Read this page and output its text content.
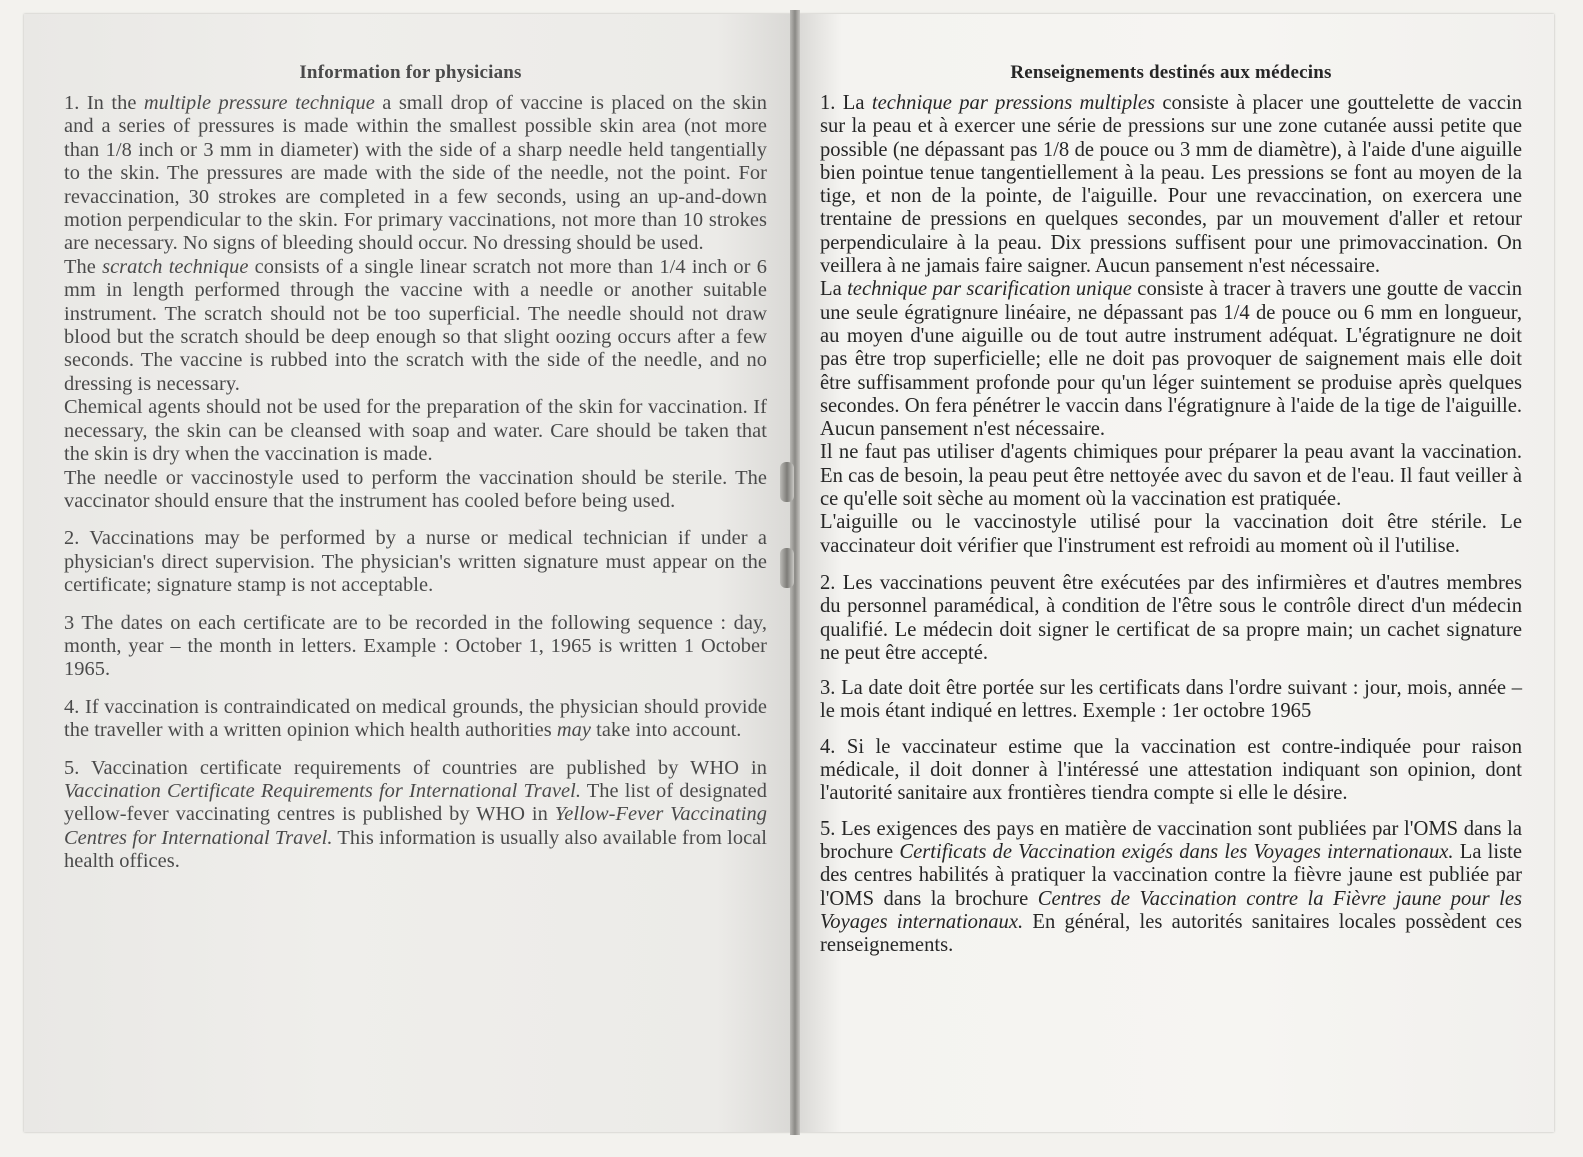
Information for physicians

1. In the multiple pressure technique a small drop of vaccine is placed on the skin and a series of pressures is made within the smallest possible skin area (not more than 1/8 inch or 3 mm in diameter) with the side of a sharp needle held tangentially to the skin. The pressures are made with the side of the needle, not the point. For revaccination, 30 strokes are completed in a few seconds, using an up-and-down motion perpendicular to the skin. For primary vaccinations, not more than 10 strokes are necessary. No signs of bleeding should occur. No dressing should be used.

The scratch technique consists of a single linear scratch not more than 1/4 inch or 6 mm in length performed through the vaccine with a needle or another suitable instrument. The scratch should not be too superficial. The needle should not draw blood but the scratch should be deep enough so that slight oozing occurs after a few seconds. The vaccine is rubbed into the scratch with the side of the needle, and no dressing is necessary.

Chemical agents should not be used for the preparation of the skin for vaccination. If necessary, the skin can be cleansed with soap and water. Care should be taken that the skin is dry when the vaccination is made.

The needle or vaccinostyle used to perform the vaccination should be sterile. The vaccinator should ensure that the instrument has cooled before being used.

2. Vaccinations may be performed by a nurse or medical technician if under a physician's direct supervision. The physician's written signature must appear on the certificate; signature stamp is not acceptable.

3 The dates on each certificate are to be recorded in the following sequence : day, month, year – the month in letters. Example : October 1, 1965 is written 1 October 1965.

4. If vaccination is contraindicated on medical grounds, the physician should provide the traveller with a written opinion which health authorities may take into account.

5. Vaccination certificate requirements of countries are published by WHO in Vaccination Certificate Requirements for International Travel. The list of designated yellow-fever vaccinating centres is published by WHO in Yellow-Fever Vaccinating Centres for International Travel. This information is usually also available from local health offices.

Renseignements destinés aux médecins

1. La technique par pressions multiples consiste à placer une gouttelette de vaccin sur la peau et à exercer une série de pressions sur une zone cutanée aussi petite que possible (ne dépassant pas 1/8 de pouce ou 3 mm de diamètre), à l'aide d'une aiguille bien pointue tenue tangentiellement à la peau. Les pressions se font au moyen de la tige, et non de la pointe, de l'aiguille. Pour une revaccination, on exercera une trentaine de pressions en quelques secondes, par un mouvement d'aller et retour perpendiculaire à la peau. Dix pressions suffisent pour une primovaccination. On veillera à ne jamais faire saigner. Aucun pansement n'est nécessaire.

La technique par scarification unique consiste à tracer à travers une goutte de vaccin une seule égratignure linéaire, ne dépassant pas 1/4 de pouce ou 6 mm en longueur, au moyen d'une aiguille ou de tout autre instrument adéquat. L'égratignure ne doit pas être trop superficielle; elle ne doit pas provoquer de saignement mais elle doit être suffisamment profonde pour qu'un léger suintement se produise après quelques secondes. On fera pénétrer le vaccin dans l'égratignure à l'aide de la tige de l'aiguille. Aucun pansement n'est nécessaire.

Il ne faut pas utiliser d'agents chimiques pour préparer la peau avant la vaccination. En cas de besoin, la peau peut être nettoyée avec du savon et de l'eau. Il faut veiller à ce qu'elle soit sèche au moment où la vaccination est pratiquée.

L'aiguille ou le vaccinostyle utilisé pour la vaccination doit être stérile. Le vaccinateur doit vérifier que l'instrument est refroidi au moment où il l'utilise.

2. Les vaccinations peuvent être exécutées par des infirmières et d'autres membres du personnel paramédical, à condition de l'être sous le contrôle direct d'un médecin qualifié. Le médecin doit signer le certificat de sa propre main; un cachet signature ne peut être accepté.

3. La date doit être portée sur les certificats dans l'ordre suivant : jour, mois, année – le mois étant indiqué en lettres. Exemple : 1er octobre 1965

4. Si le vaccinateur estime que la vaccination est contre-indiquée pour raison médicale, il doit donner à l'intéressé une attestation indiquant son opinion, dont l'autorité sanitaire aux frontières tiendra compte si elle le désire.

5. Les exigences des pays en matière de vaccination sont publiées par l'OMS dans la brochure Certificats de Vaccination exigés dans les Voyages internationaux. La liste des centres habilités à pratiquer la vaccination contre la fièvre jaune est publiée par l'OMS dans la brochure Centres de Vaccination contre la Fièvre jaune pour les Voyages internationaux. En général, les autorités sanitaires locales possèdent ces renseignements.
